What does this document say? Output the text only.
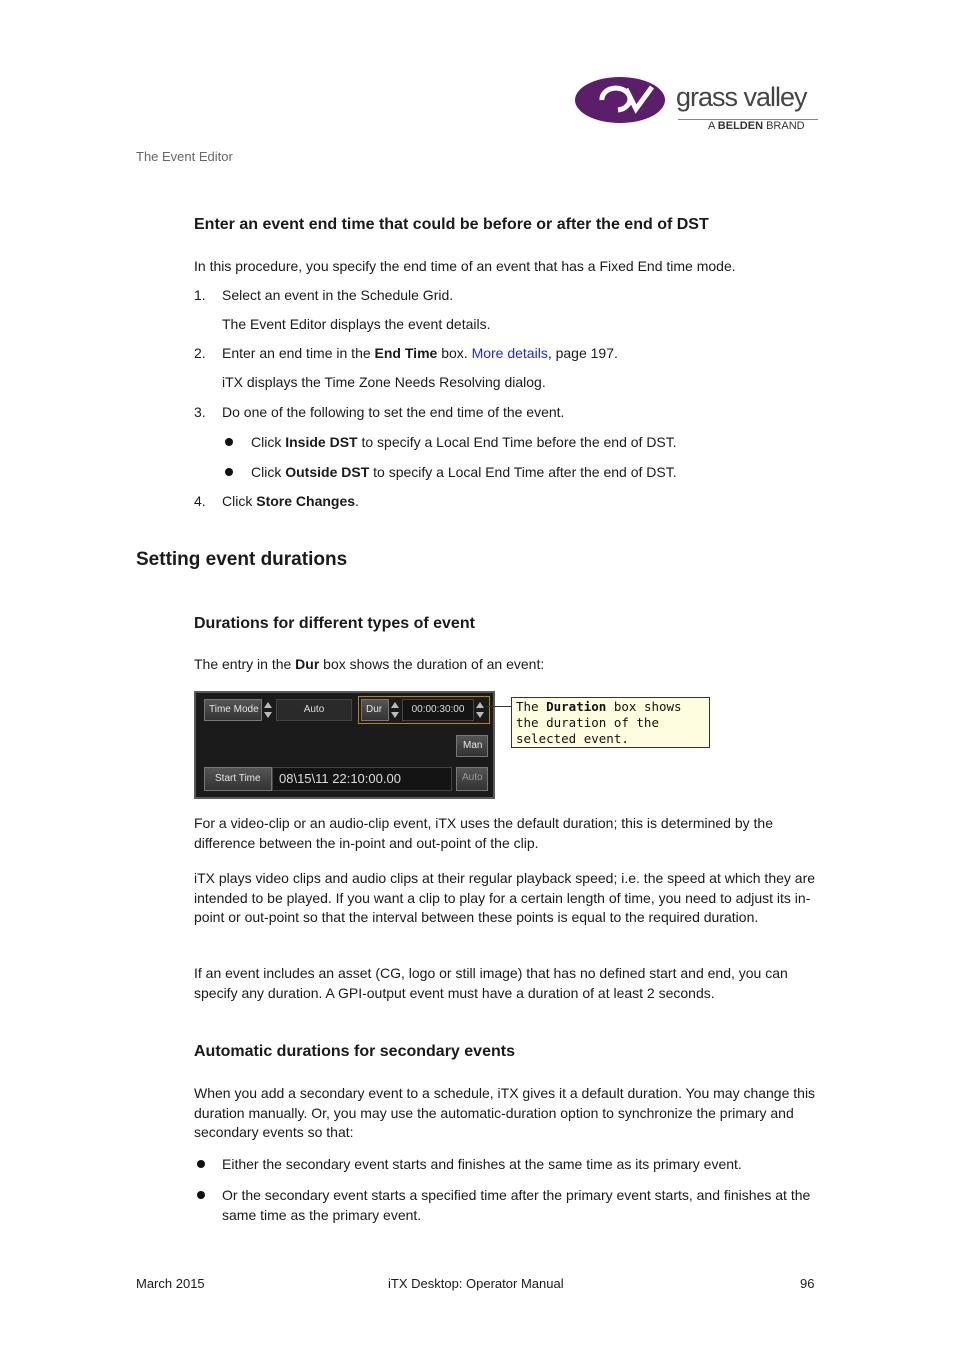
grass valley
A BELDEN BRAND
The Event Editor
Enter an event end time that could be before or after the end of DST

In this procedure, you specify the end time of an event that has a Fixed End time mode.

1. Select an event in the Schedule Grid.
The Event Editor displays the event details.
2. Enter an end time in the End Time box. More details, page 197.
iTX displays the Time Zone Needs Resolving dialog.
3. Do one of the following to set the end time of the event.
Click Inside DST to specify a Local End Time before the end of DST.
Click Outside DST to specify a Local End Time after the end of DST.
4. Click Store Changes.
Setting event durations
Durations for different types of event
The entry in the Dur box shows the duration of an event:
Time Mode	Auto	Dur	00:00:30:00
Man
Start Time	08\15\11 22:10:00.00	Auto
The Duration box shows the duration of the selected event.

For a video-clip or an audio-clip event, iTX uses the default duration; this is determined by the difference between the in-point and out-point of the clip.

iTX plays video clips and audio clips at their regular playback speed; i.e. the speed at which they are intended to be played. If you want a clip to play for a certain length of time, you need to adjust its in-point or out-point so that the interval between these points is equal to the required duration.

If an event includes an asset (CG, logo or still image) that has no defined start and end, you can specify any duration. A GPI-output event must have a duration of at least 2 seconds.

Automatic durations for secondary events

When you add a secondary event to a schedule, iTX gives it a default duration. You may change this duration manually. Or, you may use the automatic-duration option to synchronize the primary and secondary events so that:

Either the secondary event starts and finishes at the same time as its primary event.

Or the secondary event starts a specified time after the primary event starts, and finishes at the same time as the primary event.

March 2015	iTX Desktop: Operator Manual	96
